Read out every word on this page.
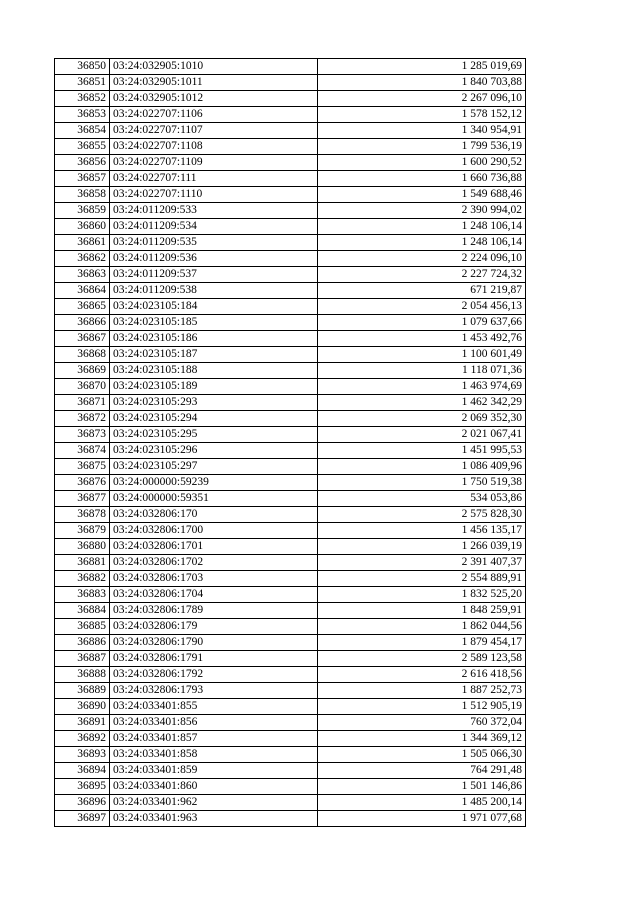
36850	03:24:032905:1010	1 285 019,69
36851	03:24:032905:1011	1 840 703,88
36852	03:24:032905:1012	2 267 096,10
36853	03:24:022707:1106	1 578 152,12
36854	03:24:022707:1107	1 340 954,91
36855	03:24:022707:1108	1 799 536,19
36856	03:24:022707:1109	1 600 290,52
36857	03:24:022707:111	1 660 736,88
36858	03:24:022707:1110	1 549 688,46
36859	03:24:011209:533	2 390 994,02
36860	03:24:011209:534	1 248 106,14
36861	03:24:011209:535	1 248 106,14
36862	03:24:011209:536	2 224 096,10
36863	03:24:011209:537	2 227 724,32
36864	03:24:011209:538	671 219,87
36865	03:24:023105:184	2 054 456,13
36866	03:24:023105:185	1 079 637,66
36867	03:24:023105:186	1 453 492,76
36868	03:24:023105:187	1 100 601,49
36869	03:24:023105:188	1 118 071,36
36870	03:24:023105:189	1 463 974,69
36871	03:24:023105:293	1 462 342,29
36872	03:24:023105:294	2 069 352,30
36873	03:24:023105:295	2 021 067,41
36874	03:24:023105:296	1 451 995,53
36875	03:24:023105:297	1 086 409,96
36876	03:24:000000:59239	1 750 519,38
36877	03:24:000000:59351	534 053,86
36878	03:24:032806:170	2 575 828,30
36879	03:24:032806:1700	1 456 135,17
36880	03:24:032806:1701	1 266 039,19
36881	03:24:032806:1702	2 391 407,37
36882	03:24:032806:1703	2 554 889,91
36883	03:24:032806:1704	1 832 525,20
36884	03:24:032806:1789	1 848 259,91
36885	03:24:032806:179	1 862 044,56
36886	03:24:032806:1790	1 879 454,17
36887	03:24:032806:1791	2 589 123,58
36888	03:24:032806:1792	2 616 418,56
36889	03:24:032806:1793	1 887 252,73
36890	03:24:033401:855	1 512 905,19
36891	03:24:033401:856	760 372,04
36892	03:24:033401:857	1 344 369,12
36893	03:24:033401:858	1 505 066,30
36894	03:24:033401:859	764 291,48
36895	03:24:033401:860	1 501 146,86
36896	03:24:033401:962	1 485 200,14
36897	03:24:033401:963	1 971 077,68
